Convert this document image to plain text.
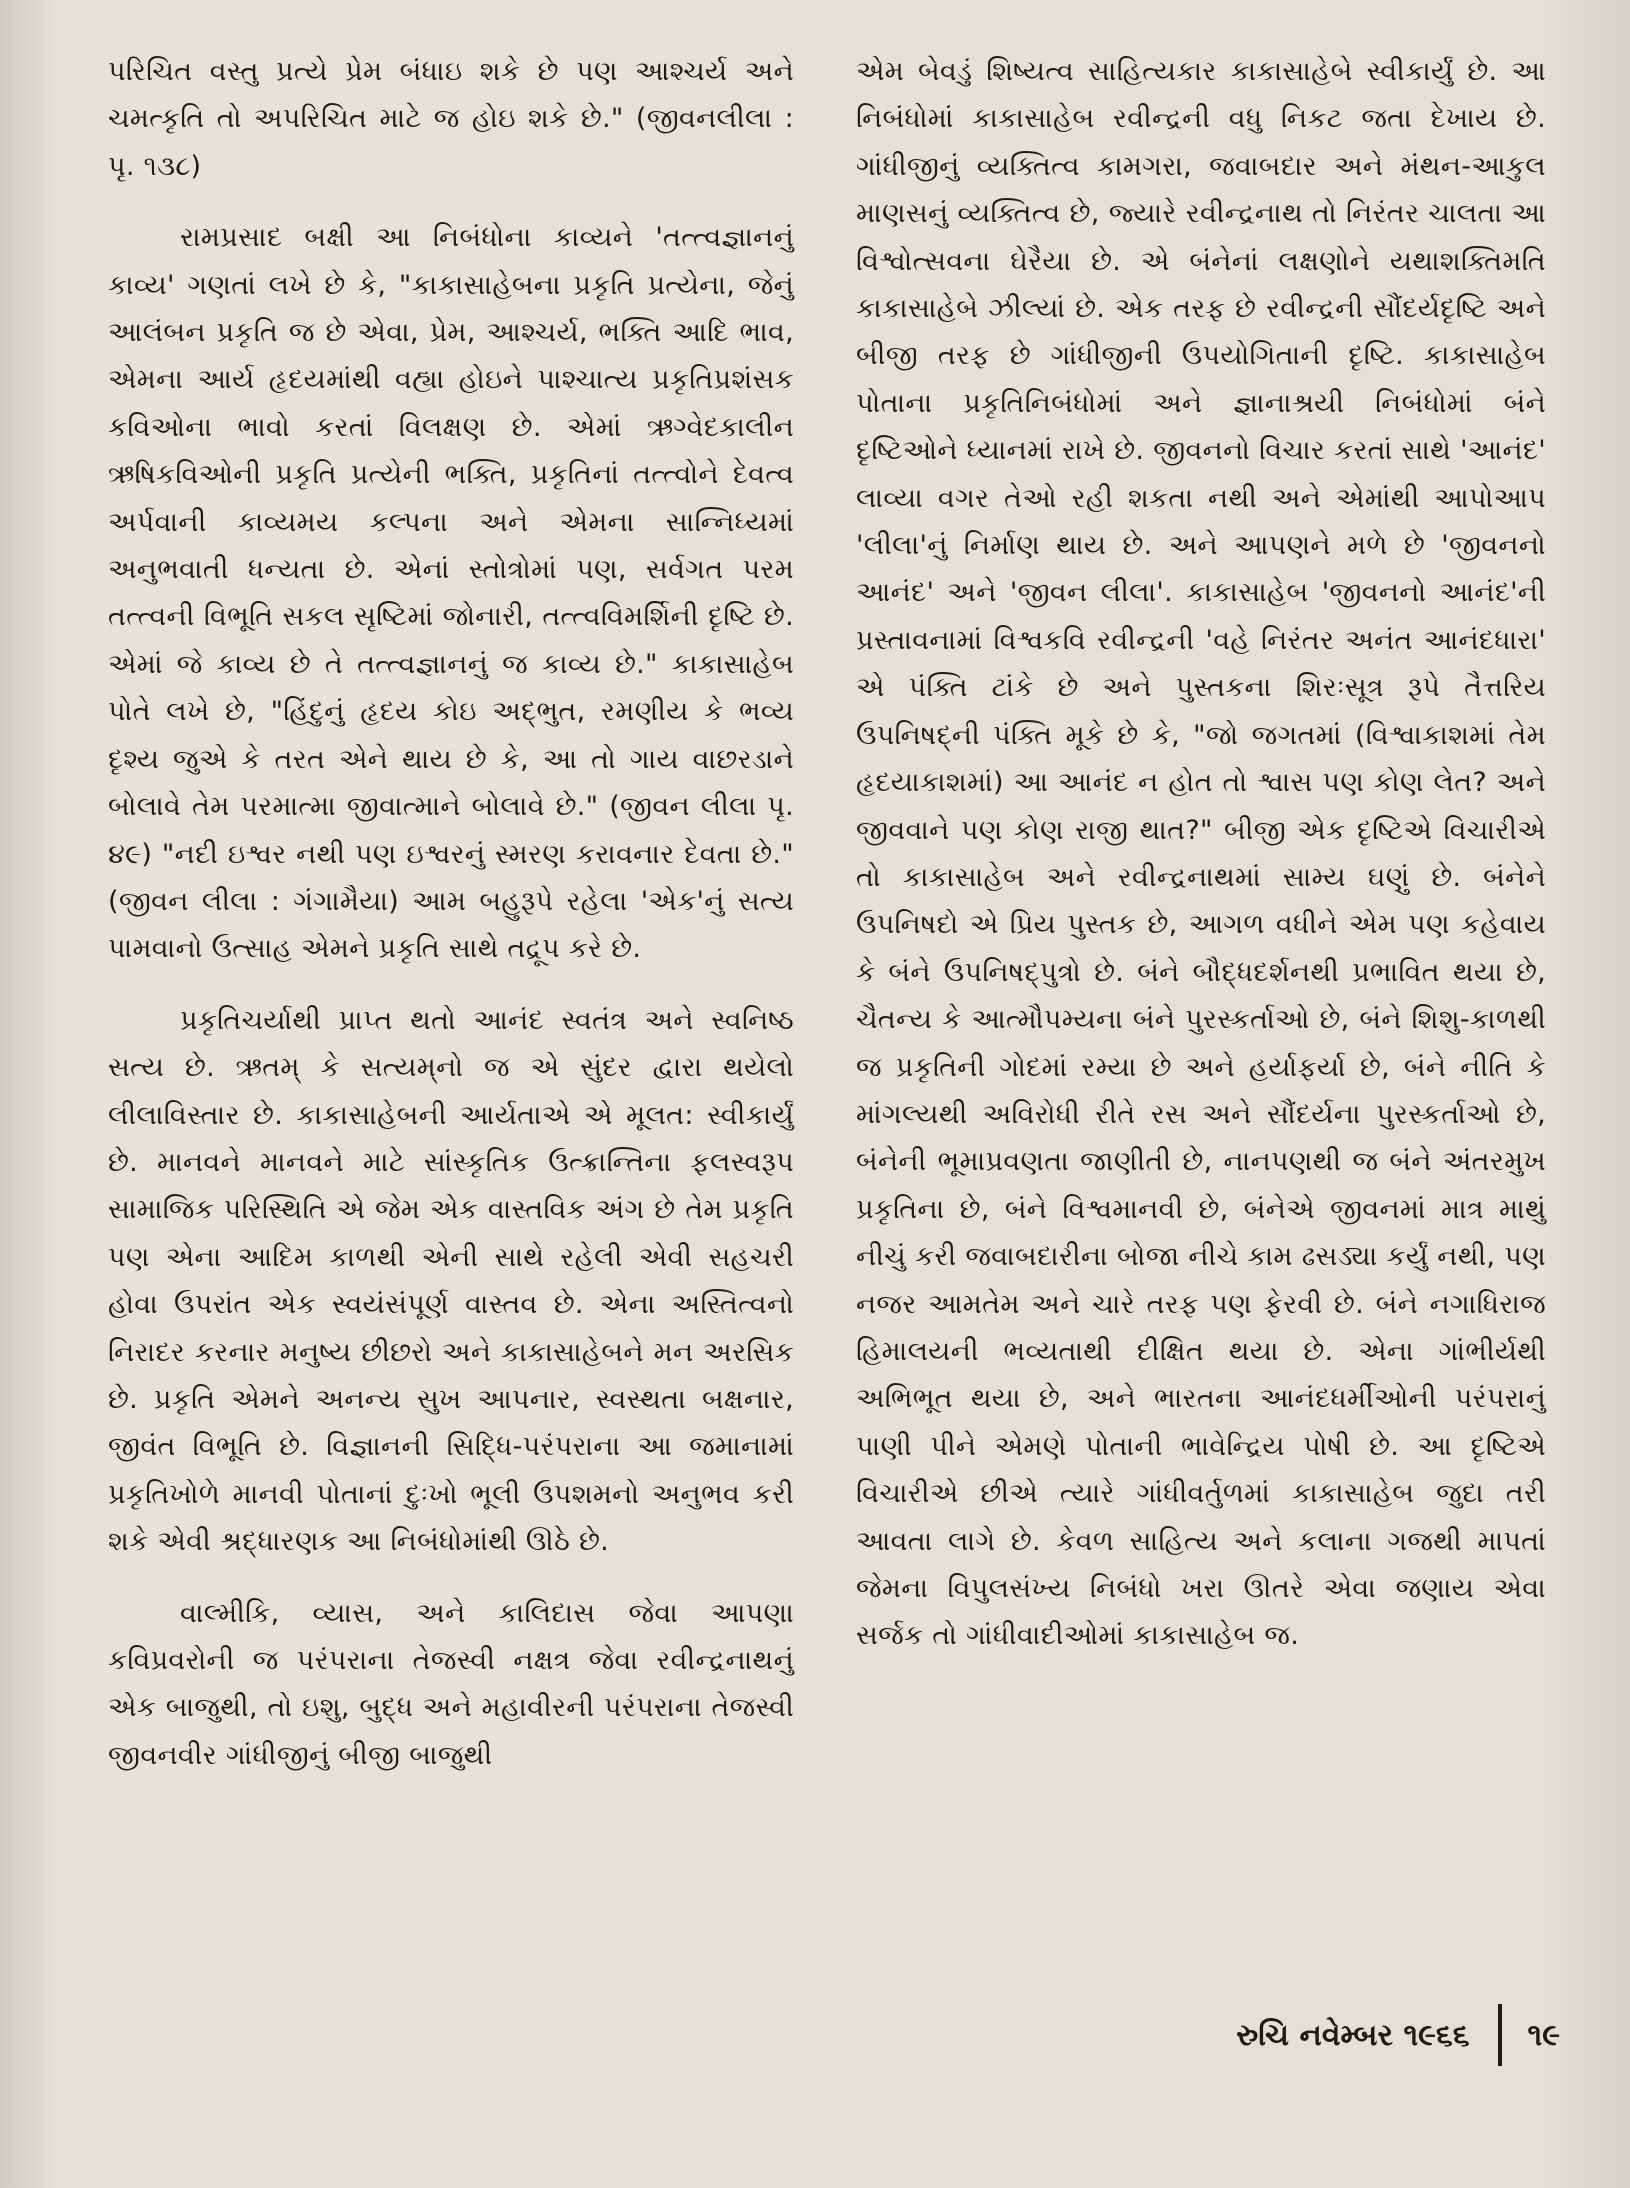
પરિચિત વસ્તુ પ્રત્યે પ્રેમ બંધાઇ શકે છે પણ આશ્ચર્ય અને ચમત્કૃતિ તો અપરિચિત માટે જ હોઇ શકે છે." (જીવનલીલા : પૃ. ૧૩૮)

રામપ્રસાદ બક્ષી આ નિબંધોના કાવ્યને 'તત્ત્વજ્ઞાનનું કાવ્ય' ગણતાં લખે છે કે, "કાકાસાહેબના પ્રકૃતિ પ્રત્યેના, જેનું આલંબન પ્રકૃતિ જ છે એવા, પ્રેમ, આશ્ચર્ય, ભક્તિ આદિ ભાવ, એમના આર્ય હૃદયમાંથી વહ્યા હોઇને પાશ્ચાત્ય પ્રકૃતિપ્રશંસક કવિઓના ભાવો કરતાં વિલક્ષણ છે. એમાં ઋગ્વેદકાલીન ઋષિકવિઓની પ્રકૃતિ પ્રત્યેની ભક્તિ, પ્રકૃતિનાં તત્ત્વોને દેવત્વ અર્પવાની કાવ્યમય કલ્પના અને એમના સાન્નિધ્યમાં અનુભવાતી ધન્યતા છે. એનાં સ્તોત્રોમાં પણ, સર્વગત પરમ તત્ત્વની વિભૂતિ સકલ સૃષ્ટિમાં જોનારી, તત્ત્વવિમર્શિની દૃષ્ટિ છે. એમાં જે કાવ્ય છે તે તત્ત્વજ્ઞાનનું જ કાવ્ય છે." કાકાસાહેબ પોતે લખે છે, "હિંદુનું હૃદય કોઇ અદ્ભુત, રમણીય કે ભવ્ય દૃશ્ય જુએ કે તરત એને થાય છે કે, આ તો ગાય વાછરડાને બોલાવે તેમ પરમાત્મા જીવાત્માને બોલાવે છે." (જીવન લીલા પૃ. ૪૯) "નદી ઇશ્વર નથી પણ ઇશ્વરનું સ્મરણ કરાવનાર દેવતા છે." (જીવન લીલા : ગંગામૈયા) આમ બહુરૂપે રહેલા 'એક'નું સત્ય પામવાનો ઉત્સાહ એમને પ્રકૃતિ સાથે તદ્રૂપ કરે છે.

પ્રકૃતિચર્યાથી પ્રાપ્ત થતો આનંદ સ્વતંત્ર અને સ્વનિષ્ઠ સત્ય છે. ઋતમ્ કે સત્યમ્‌નો જ એ સુંદર દ્વારા થયેલો લીલાવિસ્તાર છે. કાકાસાહેબની આર્યતાએ એ મૂલત: સ્વીકાર્યું છે. માનવને માનવને માટે સાંસ્કૃતિક ઉત્ક્રાન્તિના ફલસ્વરૂપ સામાજિક પરિસ્થિતિ એ જેમ એક વાસ્તવિક અંગ છે તેમ પ્રકૃતિ પણ એના આદિમ કાળથી એની સાથે રહેલી એવી સહચરી હોવા ઉપરાંત એક સ્વયંસંપૂર્ણ વાસ્તવ છે. એના અસ્તિત્વનો નિરાદર કરનાર મનુષ્ય છીછરો અને કાકાસાહેબને મન અરસિક છે. પ્રકૃતિ એમને અનન્ય સુખ આપનાર, સ્વસ્થતા બક્ષનાર, જીવંત વિભૂતિ છે. વિજ્ઞાનની સિદ્ધિ-પરંપરાના આ જમાનામાં પ્રકૃતિખોળે માનવી પોતાનાં દુઃખો ભૂલી ઉપશમનો અનુભવ કરી શકે એવી શ્રદ્ધારણક આ નિબંધોમાંથી ઊઠે છે.

વાલ્મીકિ, વ્યાસ, અને કાલિદાસ જેવા આપણા કવિપ્રવરોની જ પરંપરાના તેજસ્વી નક્ષત્ર જેવા રવીન્દ્રનાથનું એક બાજુથી, તો ઇશુ, બુદ્ધ અને મહાવીરની પરંપરાના તેજસ્વી જીવનવીર ગાંધીજીનું બીજી બાજુથી

એમ બેવડું શિષ્યત્વ સાહિત્યકાર કાકાસાહેબે સ્વીકાર્યું છે. આ નિબંધોમાં કાકાસાહેબ રવીન્દ્રની વધુ નિકટ જતા દેખાય છે. ગાંધીજીનું વ્યક્તિત્વ કામગરા, જવાબદાર અને મંથન-આકુલ માણસનું વ્યક્તિત્વ છે, જ્યારે રવીન્દ્રનાથ તો નિરંતર ચાલતા આ વિશ્વોત્સવના ઘેરૈયા છે. એ બંનેનાં લક્ષણોને યથાશક્તિમતિ કાકાસાહેબે ઝીલ્યાં છે. એક તરફ છે રવીન્દ્રની સૌંદર્યદૃષ્ટિ અને બીજી તરફ છે ગાંધીજીની ઉપયોગિતાની દૃષ્ટિ. કાકાસાહેબ પોતાના પ્રકૃતિનિબંધોમાં અને જ્ઞાનાશ્રયી નિબંધોમાં બંને દૃષ્ટિઓને ધ્યાનમાં રાખે છે. જીવનનો વિચાર કરતાં સાથે 'આનંદ' લાવ્યા વગર તેઓ રહી શકતા નથી અને એમાંથી આપોઆપ 'લીલા'નું નિર્માણ થાય છે. અને આપણને મળે છે 'જીવનનો આનંદ' અને 'જીવન લીલા'. કાકાસાહેબ 'જીવનનો આનંદ'ની પ્રસ્તાવનામાં વિશ્વકવિ રવીન્દ્રની 'વહે નિરંતર અનંત આનંદધારા' એ પંક્તિ ટાંકે છે અને પુસ્તકના શિરઃસૂત્ર રૂપે તૈત્તરિય ઉપનિષદ્‌ની પંક્તિ મૂકે છે કે, "જો જગતમાં (વિશ્વાકાશમાં તેમ હૃદયાકાશમાં) આ આનંદ ન હોત તો શ્વાસ પણ કોણ લેત? અને જીવવાને પણ કોણ રાજી થાત?" બીજી એક દૃષ્ટિએ વિચારીએ તો કાકાસાહેબ અને રવીન્દ્રનાથમાં સામ્ય ઘણું છે. બંનેને ઉપનિષદો એ પ્રિય પુસ્તક છે, આગળ વધીને એમ પણ કહેવાય કે બંને ઉપનિષદ્‌પુત્રો છે. બંને બૌદ્ધદર્શનથી પ્રભાવિત થયા છે, ચૈતન્ય કે આત્મૌપમ્યના બંને પુરસ્કર્તાઓ છે, બંને શિશુ-કાળથી જ પ્રકૃતિની ગોદમાં રમ્યા છે અને હર્યાફર્યા છે, બંને નીતિ કે માંગલ્યથી અવિરોધી રીતે રસ અને સૌંદર્યના પુરસ્કર્તાઓ છે, બંનેની ભૂમાપ્રવણતા જાણીતી છે, નાનપણથી જ બંને અંતરમુખ પ્રકૃતિના છે, બંને વિશ્વમાનવી છે, બંનેએ જીવનમાં માત્ર માથું નીચું કરી જવાબદારીના બોજા નીચે કામ ઢસડ્યા કર્યું નથી, પણ નજર આમતેમ અને ચારે તરફ પણ ફેરવી છે. બંને નગાધિરાજ હિમાલયની ભવ્યતાથી દીક્ષિત થયા છે. એના ગાંભીર્યથી અભિભૂત થયા છે, અને ભારતના આનંદધર્મીઓની પરંપરાનું પાણી પીને એમણે પોતાની ભાવેન્દ્રિય પોષી છે. આ દૃષ્ટિએ વિચારીએ છીએ ત્યારે ગાંધીવર્તુળમાં કાકાસાહેબ જુદા તરી આવતા લાગે છે. કેવળ સાહિત્ય અને કલાના ગજથી માપતાં જેમના વિપુલસંખ્ય નિબંધો ખરા ઊતરે એવા જણાય એવા સર્જક તો ગાંધીવાદીઓમાં કાકાસાહેબ જ.

રુચિ નવેમ્બર ૧૯૬૬ ૧૯
